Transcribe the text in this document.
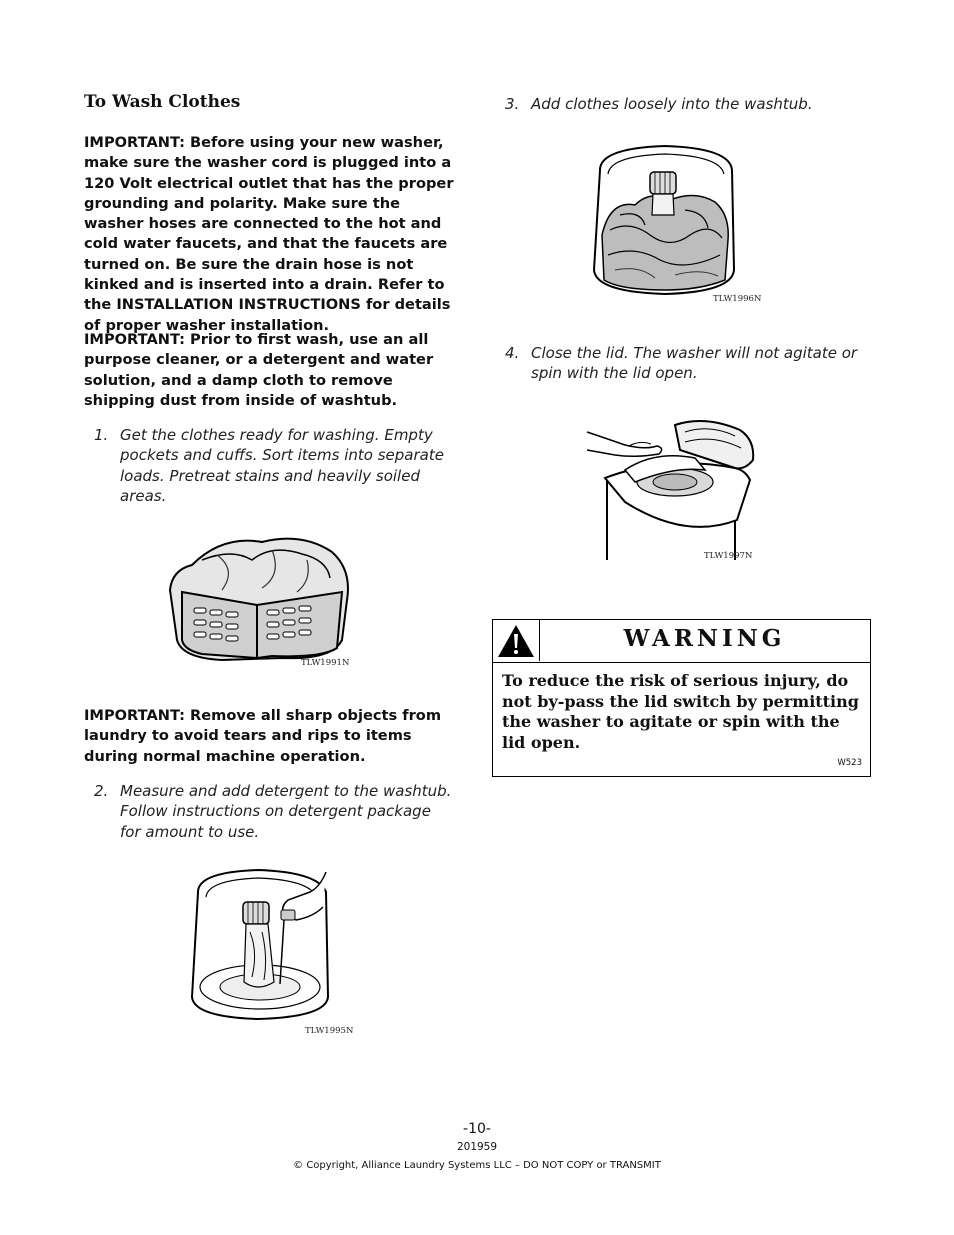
To Wash Clothes
IMPORTANT: Before using your new washer, make sure the washer cord is plugged into a 120 Volt electrical outlet that has the proper grounding and polarity. Make sure the washer hoses are connected to the hot and cold water faucets, and that the faucets are turned on. Be sure the drain hose is not kinked and is inserted into a drain. Refer to the INSTALLATION INSTRUCTIONS for details of proper washer installation.
IMPORTANT: Prior to first wash, use an all purpose cleaner, or a detergent and water solution, and a damp cloth to remove shipping dust from inside of washtub.
1. Get the clothes ready for washing. Empty pockets and cuffs. Sort items into separate loads. Pretreat stains and heavily soiled areas.
TLW1991N
IMPORTANT: Remove all sharp objects from laundry to avoid tears and rips to items during normal machine operation.
2. Measure and add detergent to the washtub. Follow instructions on detergent package for amount to use.
TLW1995N
3. Add clothes loosely into the washtub.
TLW1996N
4. Close the lid. The washer will not agitate or spin with the lid open.
TLW1997N
WARNING
To reduce the risk of serious injury, do not by-pass the lid switch by permitting the washer to agitate or spin with the lid open.
W523
-10-
201959
© Copyright, Alliance Laundry Systems LLC – DO NOT COPY or TRANSMIT
